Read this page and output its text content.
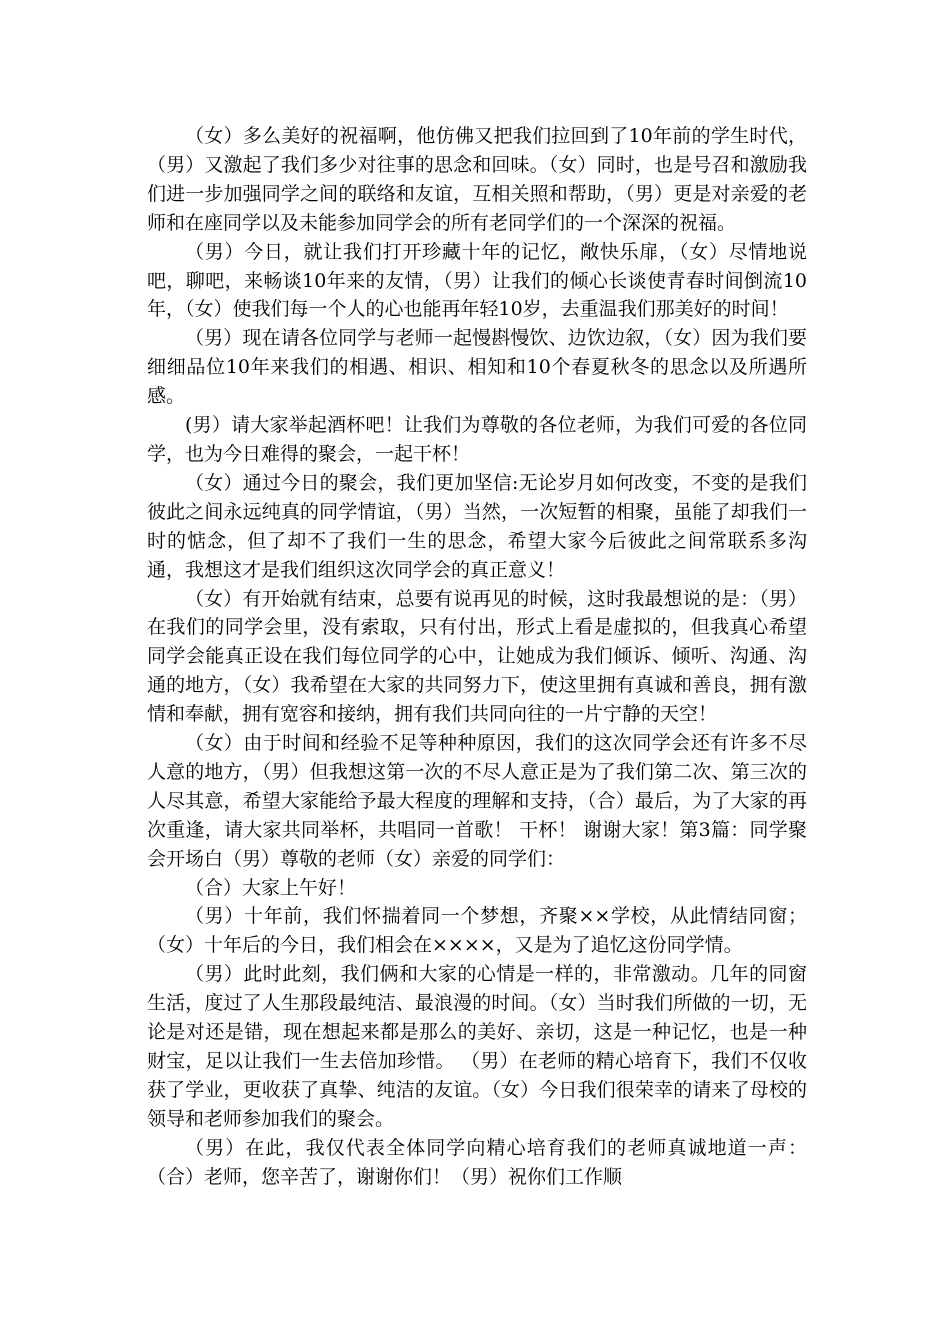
（女）多么美好的祝福啊，他仿佛又把我们拉回到了10年前的学生时代，（男）又激起了我们多少对往事的思念和回味。（女）同时，也是号召和激励我们进一步加强同学之间的联络和友谊，互相关照和帮助，（男）更是对亲爱的老师和在座同学以及未能参加同学会的所有老同学们的一个深深的祝福。

（男）今日，就让我们打开珍藏十年的记忆，敞快乐扉，（女）尽情地说吧，聊吧，来畅谈10年来的友情，（男）让我们的倾心长谈使青春时间倒流10年，（女）使我们每一个人的心也能再年轻10岁，去重温我们那美好的时间！

（男）现在请各位同学与老师一起慢斟慢饮、边饮边叙，（女）因为我们要细细品位10年来我们的相遇、相识、相知和10个春夏秋冬的思念以及所遇所感。

(男）请大家举起酒杯吧！让我们为尊敬的各位老师，为我们可爱的各位同学，也为今日难得的聚会，一起干杯！

（女）通过今日的聚会，我们更加坚信:无论岁月如何改变，不变的是我们彼此之间永远纯真的同学情谊，（男）当然，一次短暂的相聚，虽能了却我们一时的惦念，但了却不了我们一生的思念，希望大家今后彼此之间常联系多沟通，我想这才是我们组织这次同学会的真正意义！

（女）有开始就有结束，总要有说再见的时候，这时我最想说的是：（男）在我们的同学会里，没有索取，只有付出，形式上看是虚拟的，但我真心希望同学会能真正设在我们每位同学的心中，让她成为我们倾诉、倾听、沟通、沟通的地方，（女）我希望在大家的共同努力下，使这里拥有真诚和善良，拥有激情和奉献，拥有宽容和接纳，拥有我们共同向往的一片宁静的天空！

（女）由于时间和经验不足等种种原因，我们的这次同学会还有许多不尽人意的地方，（男）但我想这第一次的不尽人意正是为了我们第二次、第三次的人尽其意，希望大家能给予最大程度的理解和支持，（合）最后，为了大家的再次重逢，请大家共同举杯，共唱同一首歌！ 干杯！ 谢谢大家！第3篇：同学聚会开场白（男）尊敬的老师（女）亲爱的同学们：

（合）大家上午好！

（男）十年前，我们怀揣着同一个梦想，齐聚××学校，从此情结同窗；（女）十年后的今日，我们相会在××××，又是为了追忆这份同学情。

（男）此时此刻，我们俩和大家的心情是一样的，非常激动。几年的同窗生活，度过了人生那段最纯洁、最浪漫的时间。（女）当时我们所做的一切，无论是对还是错，现在想起来都是那么的美好、亲切，这是一种记忆，也是一种财宝，足以让我们一生去倍加珍惜。 （男）在老师的精心培育下，我们不仅收获了学业，更收获了真挚、纯洁的友谊。（女）今日我们很荣幸的请来了母校的领导和老师参加我们的聚会。

（男）在此，我仅代表全体同学向精心培育我们的老师真诚地道一声：（合）老师，您辛苦了，谢谢你们！（男）祝你们工作顺
